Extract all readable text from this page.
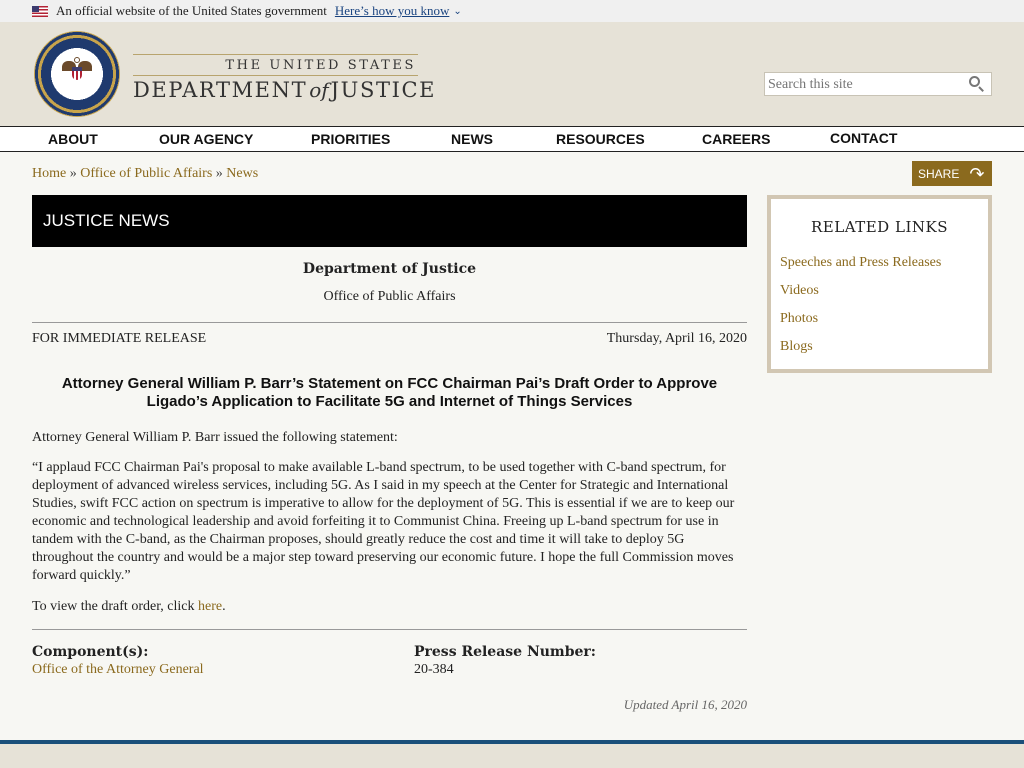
An official website of the United States government Here’s how you know ⌄
THE UNITED STATES
DEPARTMENT ofJUSTICE
Search this site
ABOUT	OUR AGENCY	PRIORITIES	NEWS	RESOURCES	CAREERS	CONTACT
Home » Office of Public Affairs » News	SHARE ↷
JUSTICE NEWS
Department of Justice
Office of Public Affairs
FOR IMMEDIATE RELEASE	Thursday, April 16, 2020
Attorney General William P. Barr’s Statement on FCC Chairman Pai’s Draft Order to Approve Ligado’s Application to Facilitate 5G and Internet of Things Services
Attorney General William P. Barr issued the following statement:
“I applaud FCC Chairman Pai's proposal to make available L-band spectrum, to be used together with C-band spectrum, for deployment of advanced wireless services, including 5G. As I said in my speech at the Center for Strategic and International Studies, swift FCC action on spectrum is imperative to allow for the deployment of 5G. This is essential if we are to keep our economic and technological leadership and avoid forfeiting it to Communist China. Freeing up L-band spectrum for use in tandem with the C-band, as the Chairman proposes, should greatly reduce the cost and time it will take to deploy 5G throughout the country and would be a major step toward preserving our economic future. I hope the full Commission moves forward quickly.”
To view the draft order, click here.
Component(s):
Office of the Attorney General
Press Release Number:
20-384
Updated April 16, 2020
RELATED LINKS
Speeches and Press Releases
Videos
Photos
Blogs
